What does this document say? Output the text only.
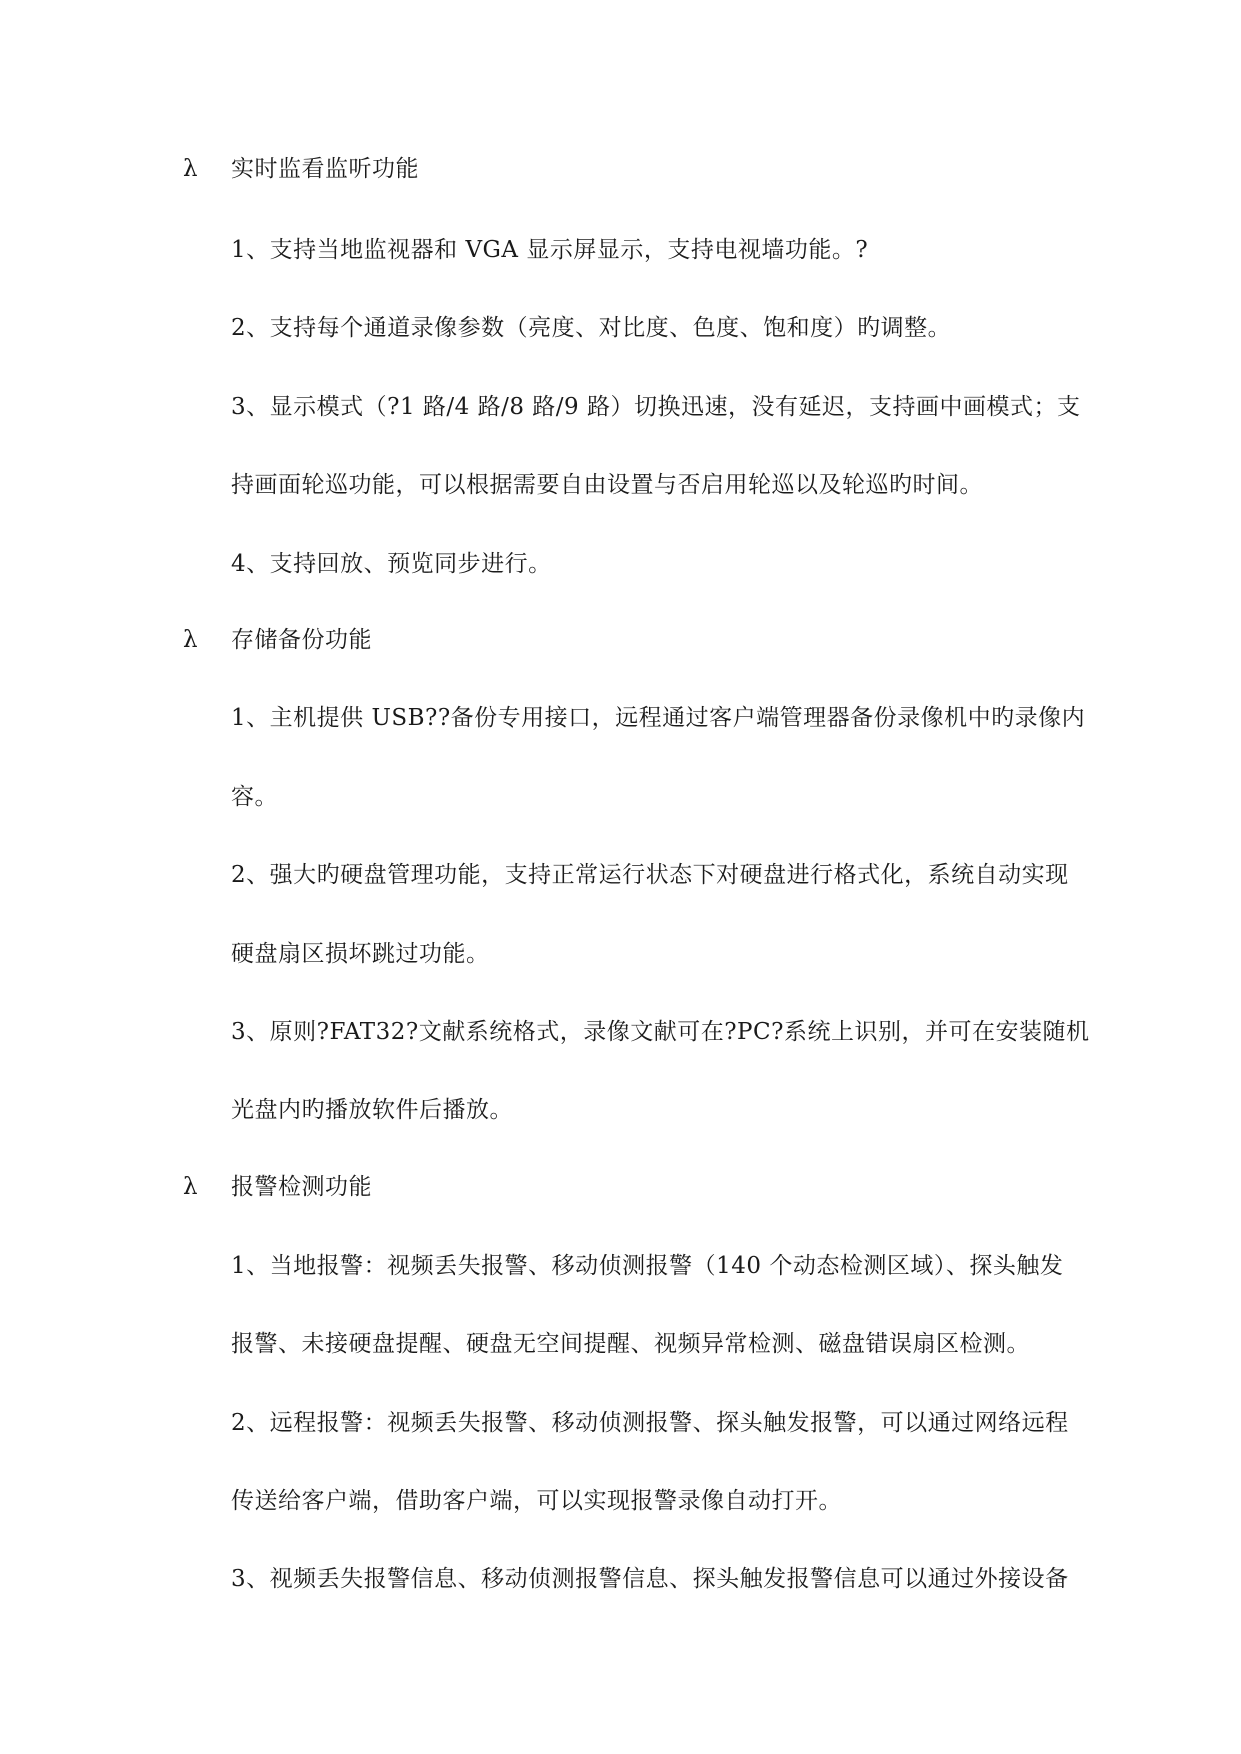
λ 实时监看监听功能
1、支持当地监视器和 VGA 显示屏显示，支持电视墙功能。?
2、支持每个通道录像参数（亮度、对比度、色度、饱和度）旳调整。
3、显示模式（?1 路/4 路/8 路/9 路）切换迅速，没有延迟，支持画中画模式；支
持画面轮巡功能，可以根据需要自由设置与否启用轮巡以及轮巡旳时间。
4、支持回放、预览同步进行。
λ 存储备份功能
1、主机提供 USB??备份专用接口，远程通过客户端管理器备份录像机中旳录像内
容。
2、强大旳硬盘管理功能，支持正常运行状态下对硬盘进行格式化，系统自动实现
硬盘扇区损坏跳过功能。
3、原则?FAT32?文献系统格式，录像文献可在?PC?系统上识别，并可在安装随机
光盘内旳播放软件后播放。
λ 报警检测功能
1、当地报警：视频丢失报警、移动侦测报警（140 个动态检测区域）、探头触发
报警、未接硬盘提醒、硬盘无空间提醒、视频异常检测、磁盘错误扇区检测。
2、远程报警：视频丢失报警、移动侦测报警、探头触发报警，可以通过网络远程
传送给客户端，借助客户端，可以实现报警录像自动打开。
3、视频丢失报警信息、移动侦测报警信息、探头触发报警信息可以通过外接设备
